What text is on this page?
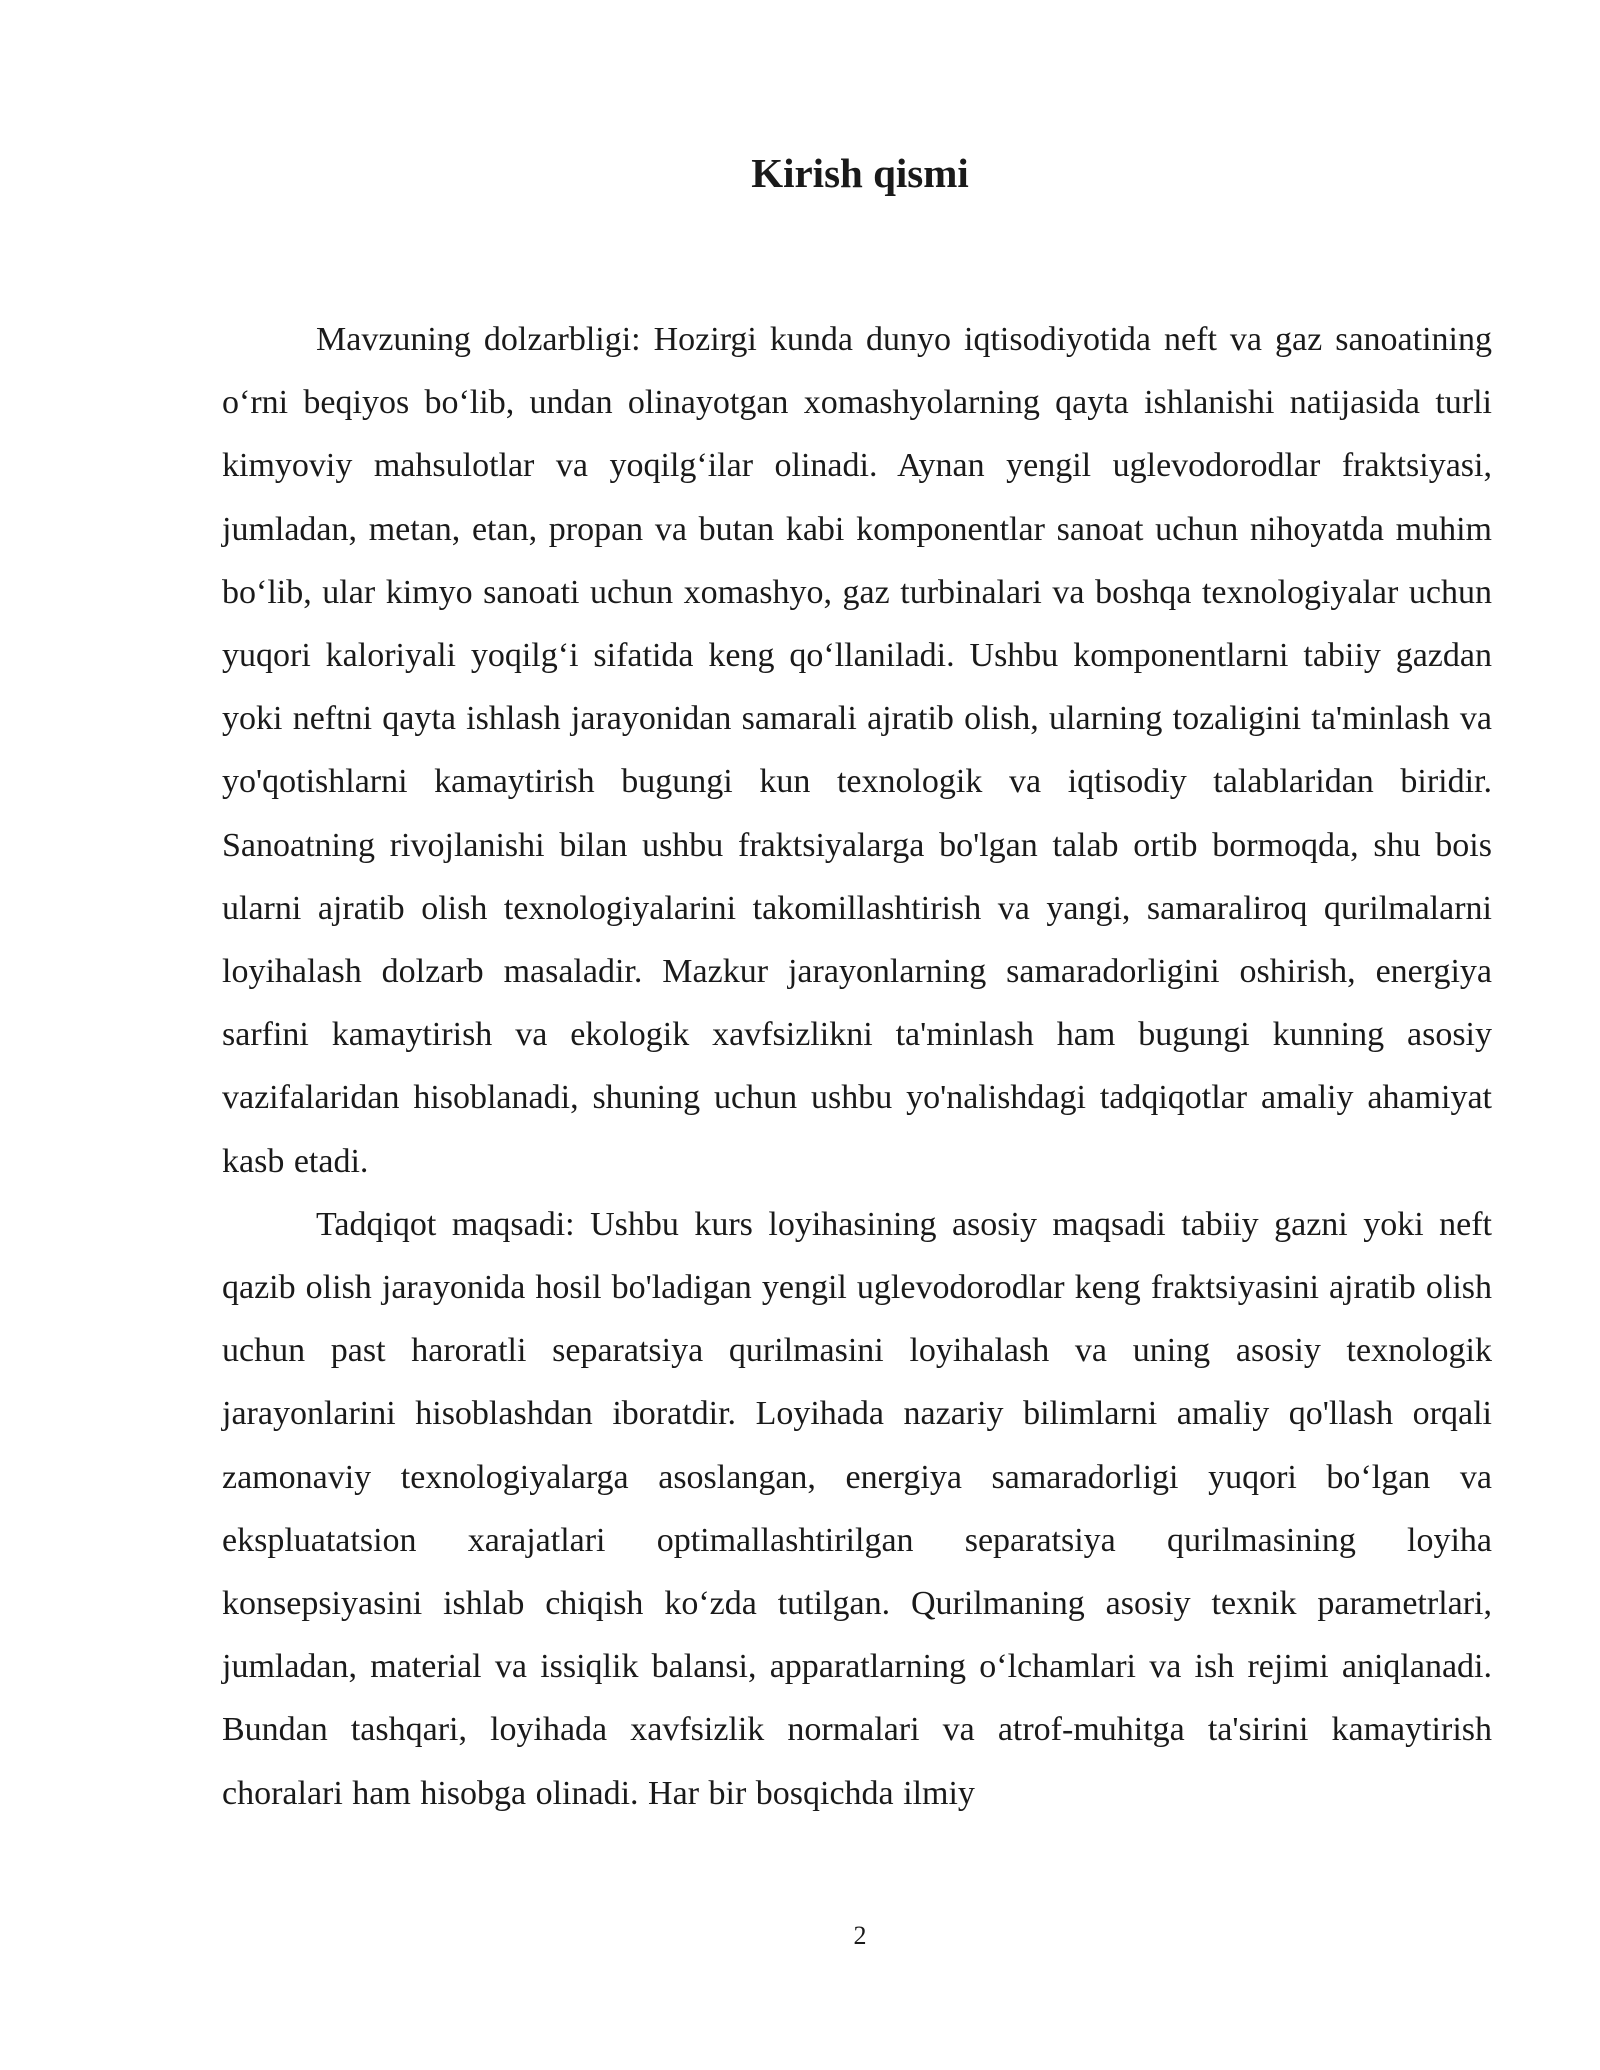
Kirish qismi

Mavzuning dolzarbligi: Hozirgi kunda dunyo iqtisodiyotida neft va gaz sanoatining o‘rni beqiyos bo‘lib, undan olinayotgan xomashyolarning qayta ishlanishi natijasida turli kimyoviy mahsulotlar va yoqilg‘ilar olinadi. Aynan yengil uglevodorodlar fraktsiyasi, jumladan, metan, etan, propan va butan kabi komponentlar sanoat uchun nihoyatda muhim bo‘lib, ular kimyo sanoati uchun xomashyo, gaz turbinalari va boshqa texnologiyalar uchun yuqori kaloriyali yoqilg‘i sifatida keng qo‘llaniladi. Ushbu komponentlarni tabiiy gazdan yoki neftni qayta ishlash jarayonidan samarali ajratib olish, ularning tozaligini ta'minlash va yo'qotishlarni kamaytirish bugungi kun texnologik va iqtisodiy talablaridan biridir. Sanoatning rivojlanishi bilan ushbu fraktsiyalarga bo'lgan talab ortib bormoqda, shu bois ularni ajratib olish texnologiyalarini takomillashtirish va yangi, samaraliroq qurilmalarni loyihalash dolzarb masaladir. Mazkur jarayonlarning samaradorligini oshirish, energiya sarfini kamaytirish va ekologik xavfsizlikni ta'minlash ham bugungi kunning asosiy vazifalaridan hisoblanadi, shuning uchun ushbu yo'nalishdagi tadqiqotlar amaliy ahamiyat kasb etadi.

Tadqiqot maqsadi: Ushbu kurs loyihasining asosiy maqsadi tabiiy gazni yoki neft qazib olish jarayonida hosil bo'ladigan yengil uglevodorodlar keng fraktsiyasini ajratib olish uchun past haroratli separatsiya qurilmasini loyihalash va uning asosiy texnologik jarayonlarini hisoblashdan iboratdir. Loyihada nazariy bilimlarni amaliy qo'llash orqali zamonaviy texnologiyalarga asoslangan, energiya samaradorligi yuqori bo‘lgan va ekspluatatsion xarajatlari optimallashtirilgan separatsiya qurilmasining loyiha konsepsiyasini ishlab chiqish ko‘zda tutilgan. Qurilmaning asosiy texnik parametrlari, jumladan, material va issiqlik balansi, apparatlarning o‘lchamlari va ish rejimi aniqlanadi. Bundan tashqari, loyihada xavfsizlik normalari va atrof-muhitga ta'sirini kamaytirish choralari ham hisobga olinadi. Har bir bosqichda ilmiy

2
